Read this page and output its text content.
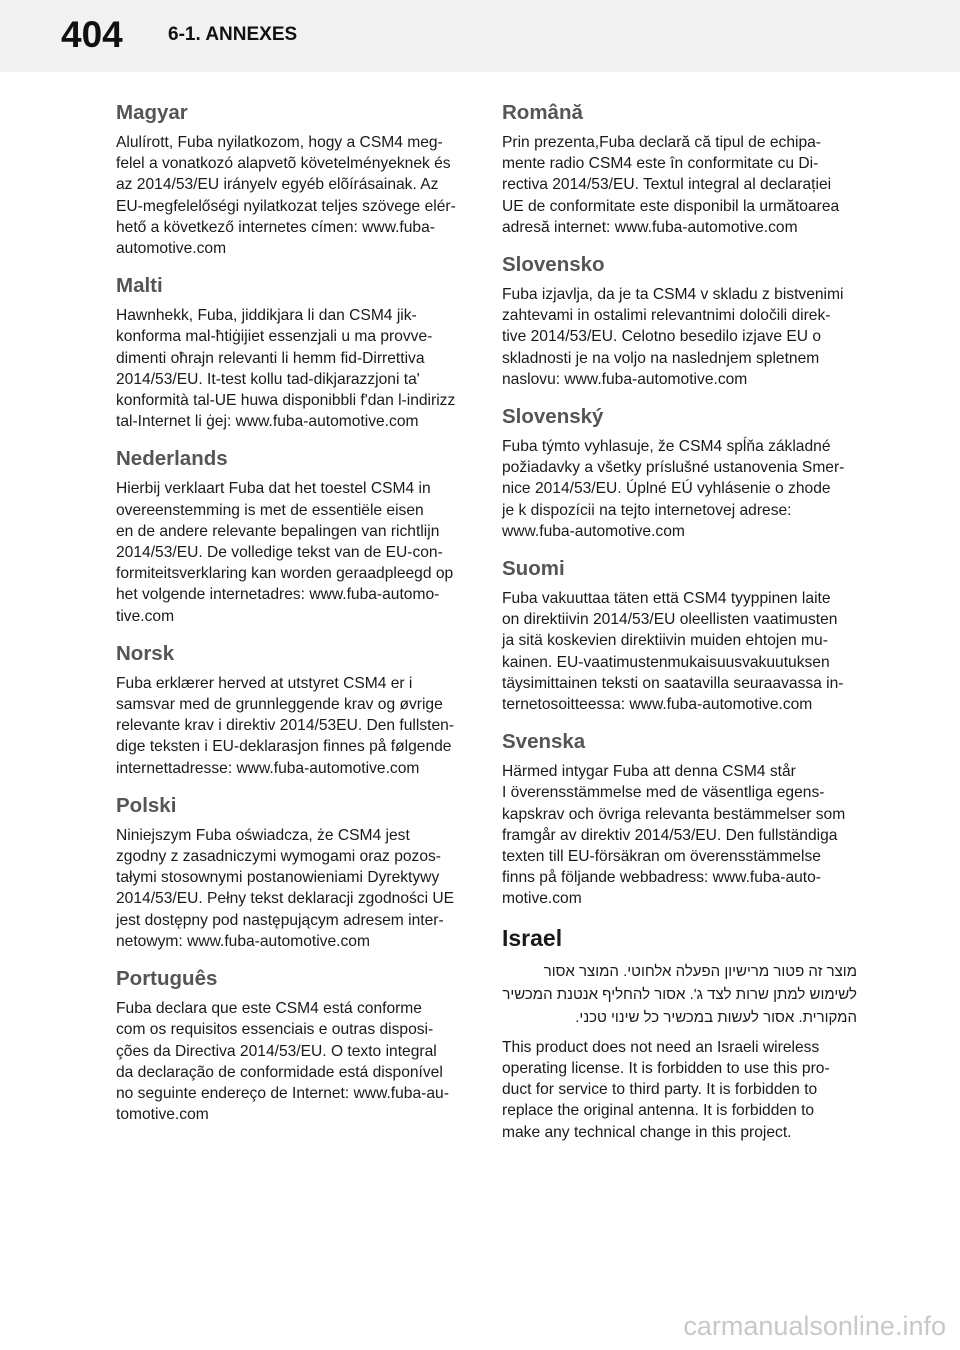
404 6-1. ANNEXES
Magyar

Alulírott, Fuba nyilatkozom, hogy a CSM4 meg-
felel a vonatkozó alapvetõ követelményeknek és
az 2014/53/EU irányelv egyéb elõírásainak. Az
EU-megfelelőségi nyilatkozat teljes szövege elér-
hető a következő internetes címen: www.fuba-
automotive.com

Malti

Hawnhekk, Fuba, jiddikjara li dan CSM4 jik-
konforma mal-ħtiġijiet essenzjali u ma provve-
dimenti oħrajn relevanti li hemm fid-Dirrettiva
2014/53/EU. It-test kollu tad-dikjarazzjoni ta'
konformità tal-UE huwa disponibbli f'dan l-indirizz
tal-Internet li ġej: www.fuba-automotive.com

Nederlands

Hierbij verklaart Fuba dat het toestel CSM4 in
overeenstemming is met de essentiële eisen
en de andere relevante bepalingen van richtlijn
2014/53/EU. De volledige tekst van de EU-con-
formiteitsverklaring kan worden geraadpleegd op
het volgende internetadres: www.fuba-automo-
tive.com

Norsk

Fuba erklærer herved at utstyret CSM4 er i
samsvar med de grunnleggende krav og øvrige
relevante krav i direktiv 2014/53EU. Den fullsten-
dige teksten i EU-deklarasjon finnes på følgende
internettadresse: www.fuba-automotive.com

Polski

Niniejszym Fuba oświadcza, że CSM4 jest
zgodny z zasadniczymi wymogami oraz pozos-
tałymi stosownymi postanowieniami Dyrektywy
2014/53/EU. Pełny tekst deklaracji zgodności UE
jest dostępny pod następującym adresem inter-
netowym: www.fuba-automotive.com

Português

Fuba declara que este CSM4 está conforme
com os requisitos essenciais e outras disposi-
ções da Directiva 2014/53/EU. O texto integral
da declaração de conformidade está disponível
no seguinte endereço de Internet: www.fuba-au-
tomotive.com

Română

Prin prezenta,Fuba declară că tipul de echipa-
mente radio CSM4 este în conformitate cu Di-
rectiva 2014/53/EU. Textul integral al declarației
UE de conformitate este disponibil la următoarea
adresă internet: www.fuba-automotive.com

Slovensko

Fuba izjavlja, da je ta CSM4 v skladu z bistvenimi
zahtevami in ostalimi relevantnimi določili direk-
tive 2014/53/EU. Celotno besedilo izjave EU o
skladnosti je na voljo na naslednjem spletnem
naslovu: www.fuba-automotive.com

Slovenský

Fuba týmto vyhlasuje, že CSM4 spĺňa základné
požiadavky a všetky príslušné ustanovenia Smer-
nice 2014/53/EU. Úplné EÚ vyhlásenie o zhode
je k dispozícii na tejto internetovej adrese:
www.fuba-automotive.com

Suomi

Fuba vakuuttaa täten että CSM4 tyyppinen laite
on direktiivin 2014/53/EU oleellisten vaatimusten
ja sitä koskevien direktiivin muiden ehtojen mu-
kainen. EU-vaatimustenmukaisuusvakuutuksen
täysimittainen teksti on saatavilla seuraavassa in-
ternetosoitteessa: www.fuba-automotive.com

Svenska

Härmed intygar Fuba att denna CSM4 står
I överensstämmelse med de väsentliga egens-
kapskrav och övriga relevanta bestämmelser som
framgår av direktiv 2014/53/EU. Den fullständiga
texten till EU-försäkran om överensstämmelse
finns på följande webbadress: www.fuba-auto-
motive.com

Israel

מוצר זה פטור מרישיון הפעלה אלחוטי. המוצר אסור
לשימוש למתן שרות לצד ג'. אסור להחליף אנטנת המכשיר
המקורית. אסור לעשות במכשיר כל שינוי טכני.

This product does not need an Israeli wireless
operating license. It is forbidden to use this pro-
duct for service to third party. It is forbidden to
replace the original antenna. It is forbidden to
make any technical change in this project.

carmanualsonline.info
